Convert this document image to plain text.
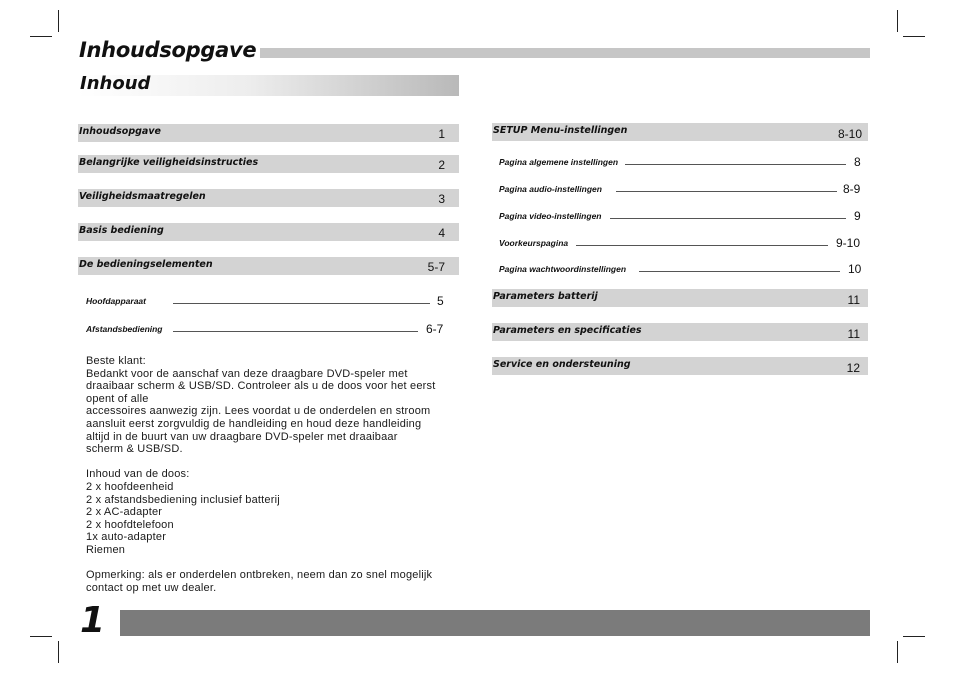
Inhoudsopgave
Inhoud
Inhoudsopgave	1
Belangrijke veiligheidsinstructies	2
Veiligheidsmaatregelen	3
Basis bediening	4
De bedieningselementen	5-7
Hoofdapparaat	5
Afstandsbediening	6-7

Beste klant:

Bedankt voor de aanschaf van deze draagbare DVD-speler met

draaibaar scherm & USB/SD. Controleer als u de doos voor het eerst

opent of alle

accessoires aanwezig zijn. Lees voordat u de onderdelen en stroom

aansluit eerst zorgvuldig de handleiding en houd deze handleiding

altijd in de buurt van uw draagbare DVD-speler met draaibaar

scherm & USB/SD.

Inhoud van de doos:

2 x hoofdeenheid

2 x afstandsbediening inclusief batterij

2 x AC-adapter

2 x hoofdtelefoon

1x auto-adapter

Riemen

Opmerking: als er onderdelen ontbreken, neem dan zo snel mogelijk

contact op met uw dealer.

SETUP Menu-instellingen	8-10
Pagina algemene instellingen	8
Pagina audio-instellingen	8-9
Pagina video-instellingen	9
Voorkeurspagina	9-10
Pagina wachtwoordinstellingen	10
Parameters batterij	11
Parameters en specificaties	11
Service en ondersteuning	12
1
